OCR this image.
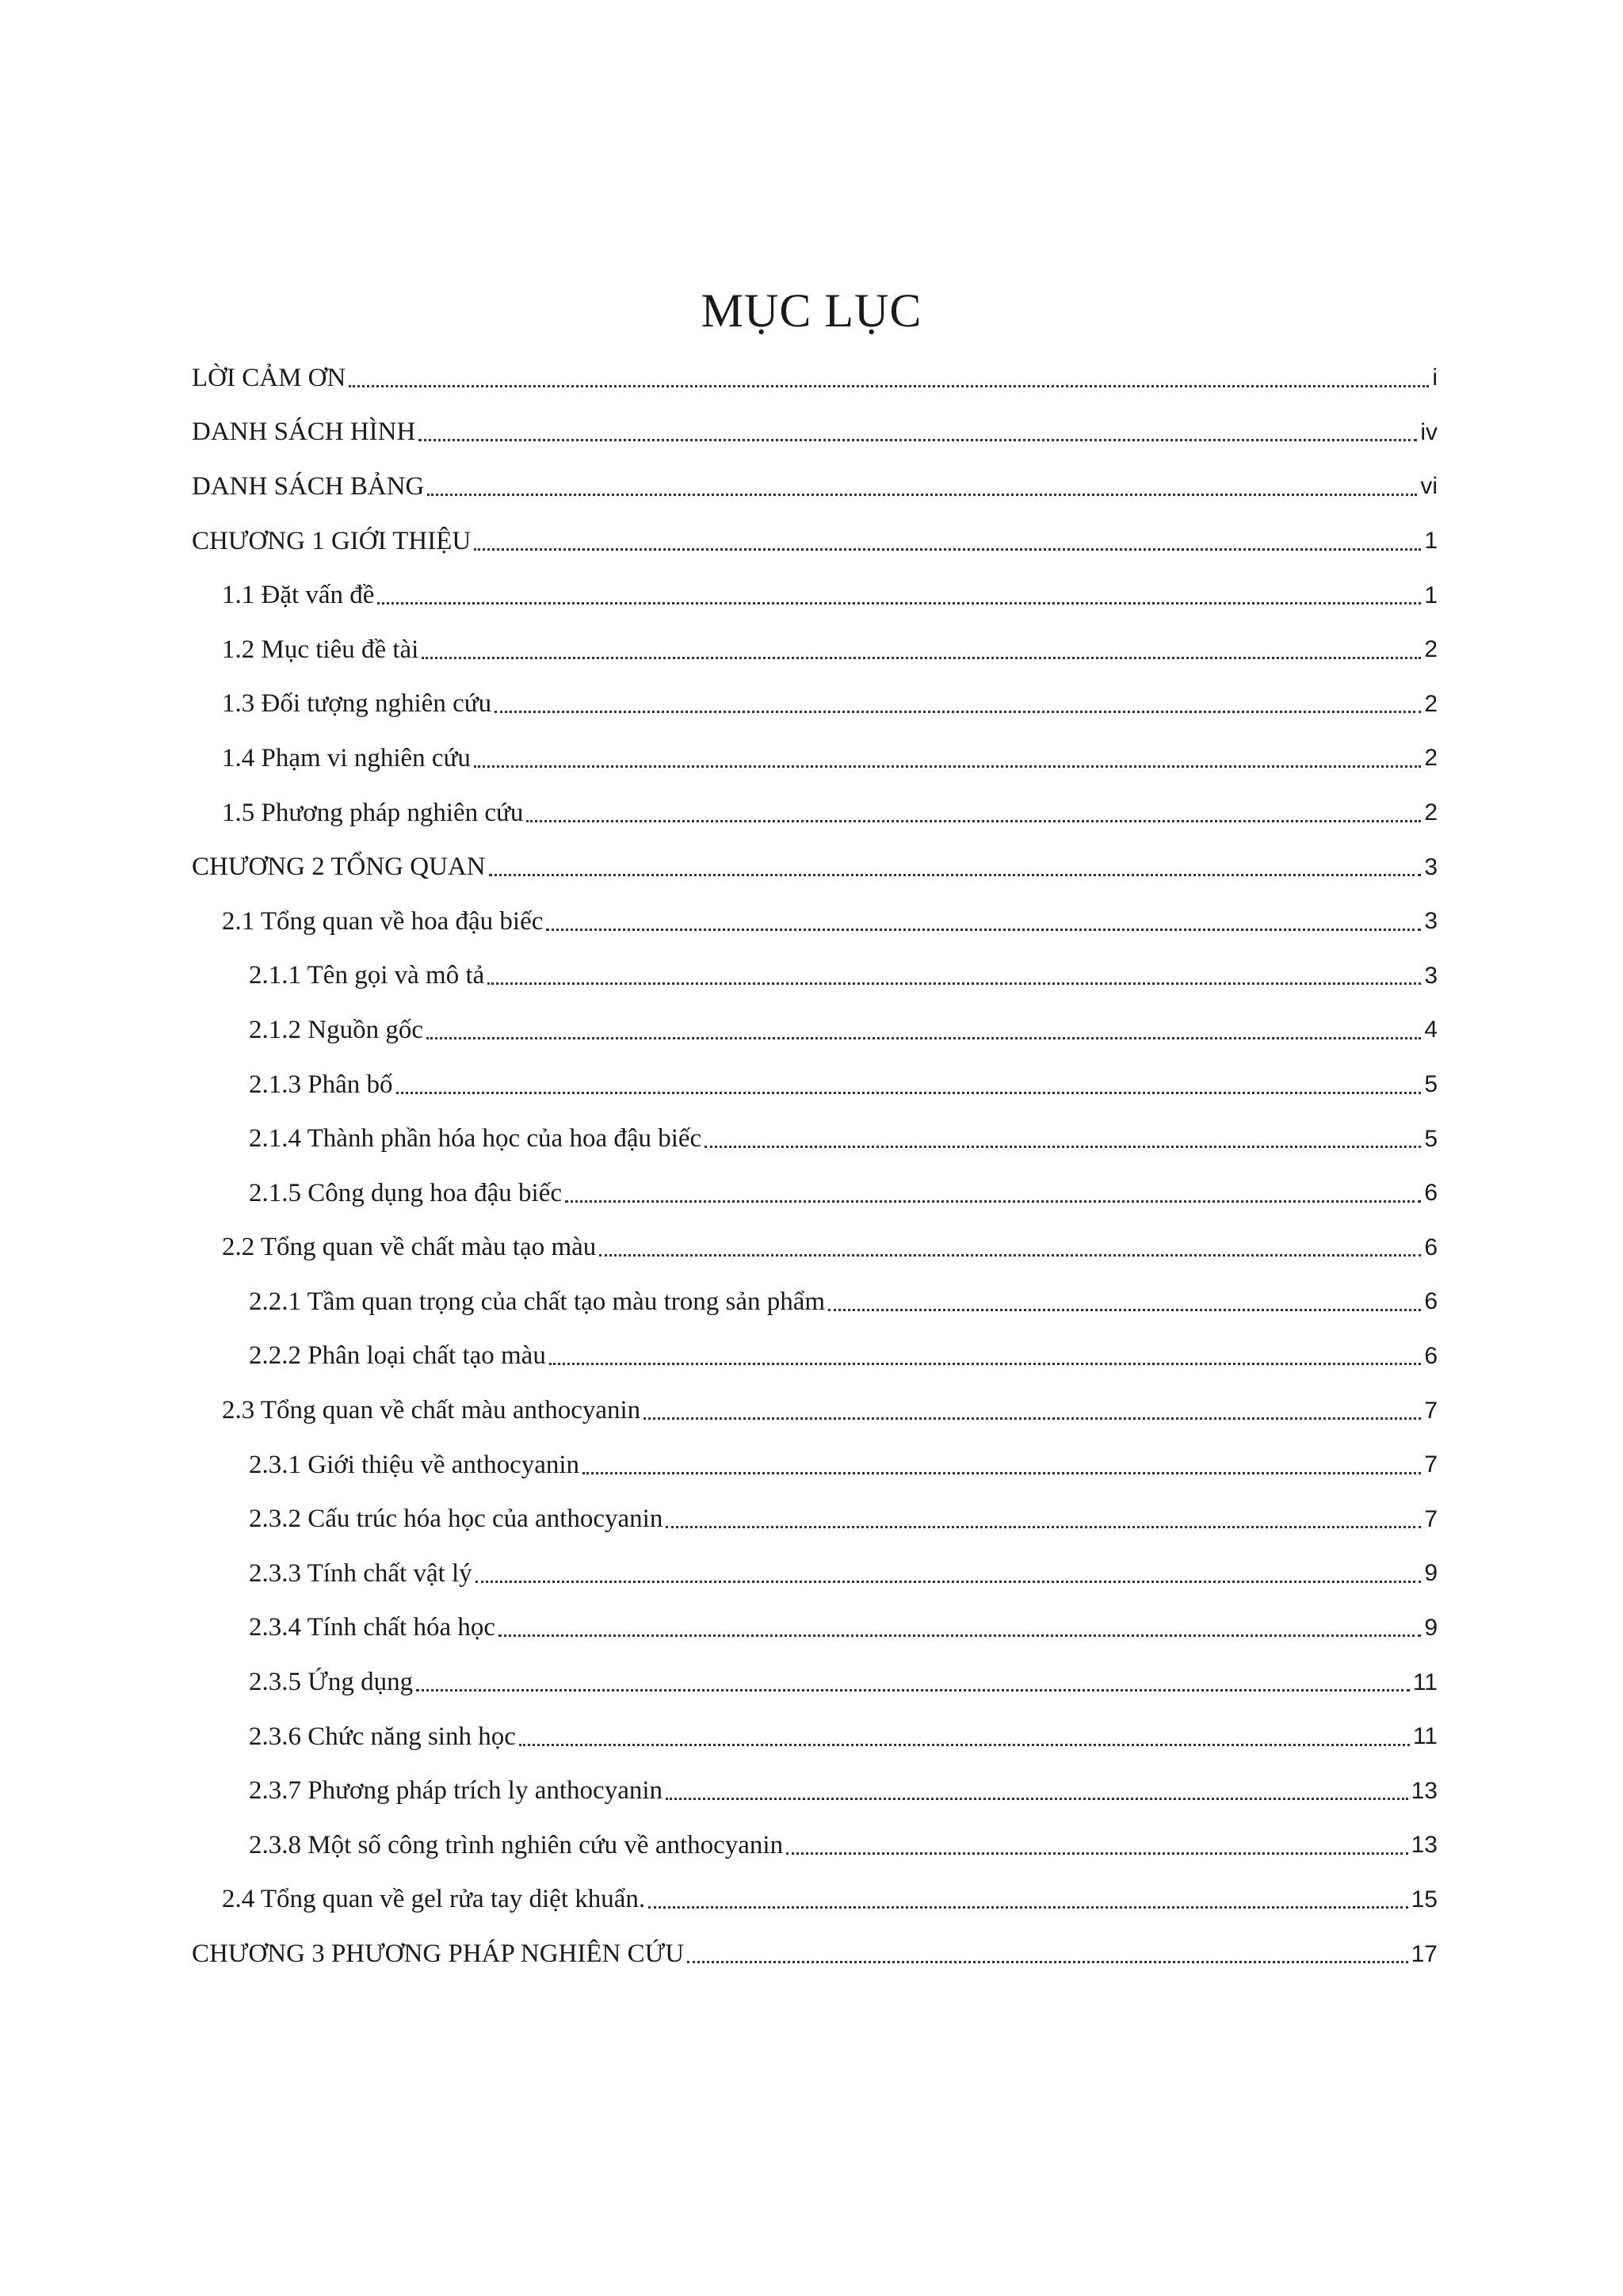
MỤC LỤC
LỜI CẢM ƠN	i
DANH SÁCH HÌNH	iv
DANH SÁCH BẢNG	vi
CHƯƠNG 1 GIỚI THIỆU	1
1.1 Đặt vấn đề	1
1.2 Mục tiêu đề tài	2
1.3 Đối tượng nghiên cứu	2
1.4 Phạm vi nghiên cứu	2
1.5 Phương pháp nghiên cứu	2
CHƯƠNG 2 TỔNG QUAN	3
2.1 Tổng quan về hoa đậu biếc	3
2.1.1 Tên gọi và mô tả	3
2.1.2 Nguồn gốc	4
2.1.3 Phân bố	5
2.1.4 Thành phần hóa học của hoa đậu biếc	5
2.1.5 Công dụng hoa đậu biếc	6
2.2 Tổng quan về chất màu tạo màu	6
2.2.1 Tầm quan trọng của chất tạo màu trong sản phẩm	6
2.2.2 Phân loại chất tạo màu	6
2.3 Tổng quan về chất màu anthocyanin	7
2.3.1 Giới thiệu về anthocyanin	7
2.3.2 Cấu trúc hóa học của anthocyanin	7
2.3.3 Tính chất vật lý	9
2.3.4 Tính chất hóa học	9
2.3.5 Ứng dụng	11
2.3.6 Chức năng sinh học	11
2.3.7 Phương pháp trích ly anthocyanin	13
2.3.8 Một số công trình nghiên cứu về anthocyanin	13
2.4 Tổng quan về gel rửa tay diệt khuẩn.	15
CHƯƠNG 3 PHƯƠNG PHÁP NGHIÊN CỨU	17
